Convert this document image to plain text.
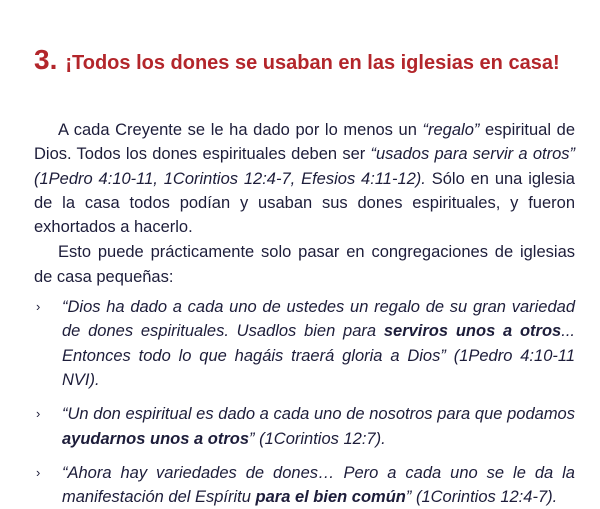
3. ¡Todos los dones se usaban en las iglesias en casa!

A cada Creyente se le ha dado por lo menos un “regalo” espiritual de Dios. Todos los dones espirituales deben ser “usados para servir a otros” (1Pedro 4:10-11, 1Corintios 12:4-7, Efesios 4:11-12). Sólo en una iglesia de la casa todos podían y usaban sus dones espirituales, y fueron exhortados a hacerlo.

Esto puede prácticamente solo pasar en congregaciones de iglesias de casa pequeñas:

› “Dios ha dado a cada uno de ustedes un regalo de su gran variedad de dones espirituales. Usadlos bien para serviros unos a otros... Entonces todo lo que hagáis traerá gloria a Dios” (1Pedro 4:10-11 NVI).
› “Un don espiritual es dado a cada uno de nosotros para que podamos ayudarnos unos a otros” (1Corintios 12:7).
› “Ahora hay variedades de dones… Pero a cada uno se le da la manifestación del Espíritu para el bien común” (1Corintios 12:4-7).
